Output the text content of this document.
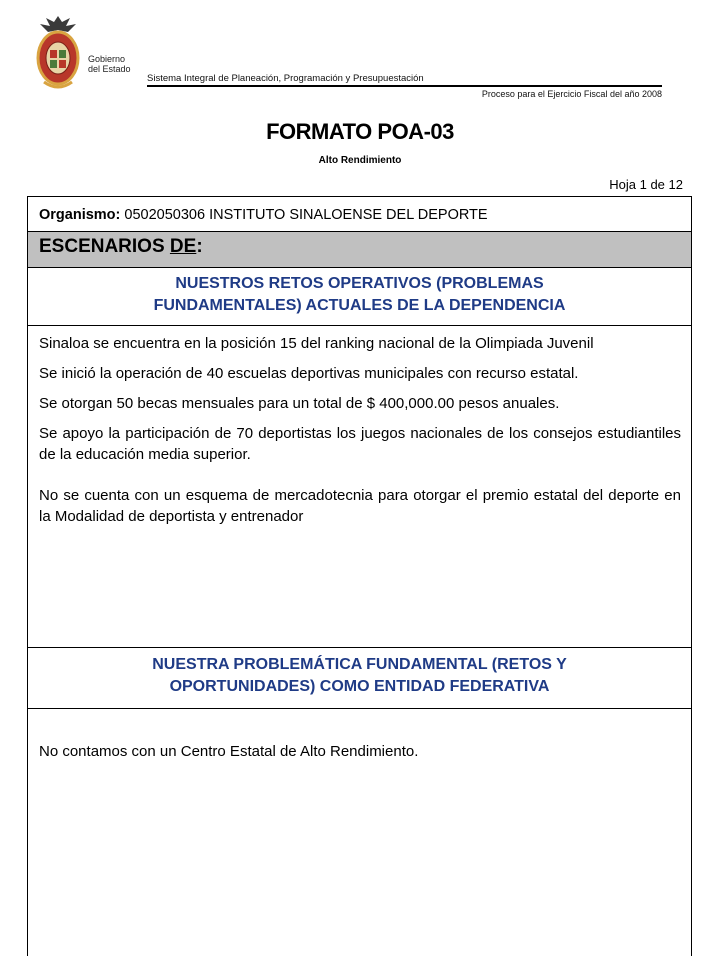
Gobierno
del Estado
Sistema Integral de Planeación, Programación y Presupuestación
Proceso para el Ejercicio Fiscal del año 2008
FORMATO POA-03
Alto Rendimiento
Hoja 1 de 12
Organismo: 0502050306 INSTITUTO SINALOENSE DEL DEPORTE
ESCENARIOS DE:
NUESTROS RETOS OPERATIVOS (PROBLEMAS
FUNDAMENTALES) ACTUALES DE LA DEPENDENCIA

Sinaloa se encuentra en la posición 15 del ranking nacional de la Olimpiada Juvenil

Se inició la operación de 40 escuelas deportivas municipales con recurso estatal.

Se otorgan 50 becas mensuales para un total de $ 400,000.00 pesos anuales.

Se apoyo la participación de 70 deportistas los juegos nacionales de los consejos estudiantiles de la educación media superior.

No se cuenta con un esquema de mercadotecnia para otorgar el premio estatal del deporte en la Modalidad de deportista y entrenador

NUESTRA PROBLEMÁTICA FUNDAMENTAL (RETOS Y
OPORTUNIDADES) COMO ENTIDAD FEDERATIVA
No contamos con un Centro Estatal de Alto Rendimiento.
